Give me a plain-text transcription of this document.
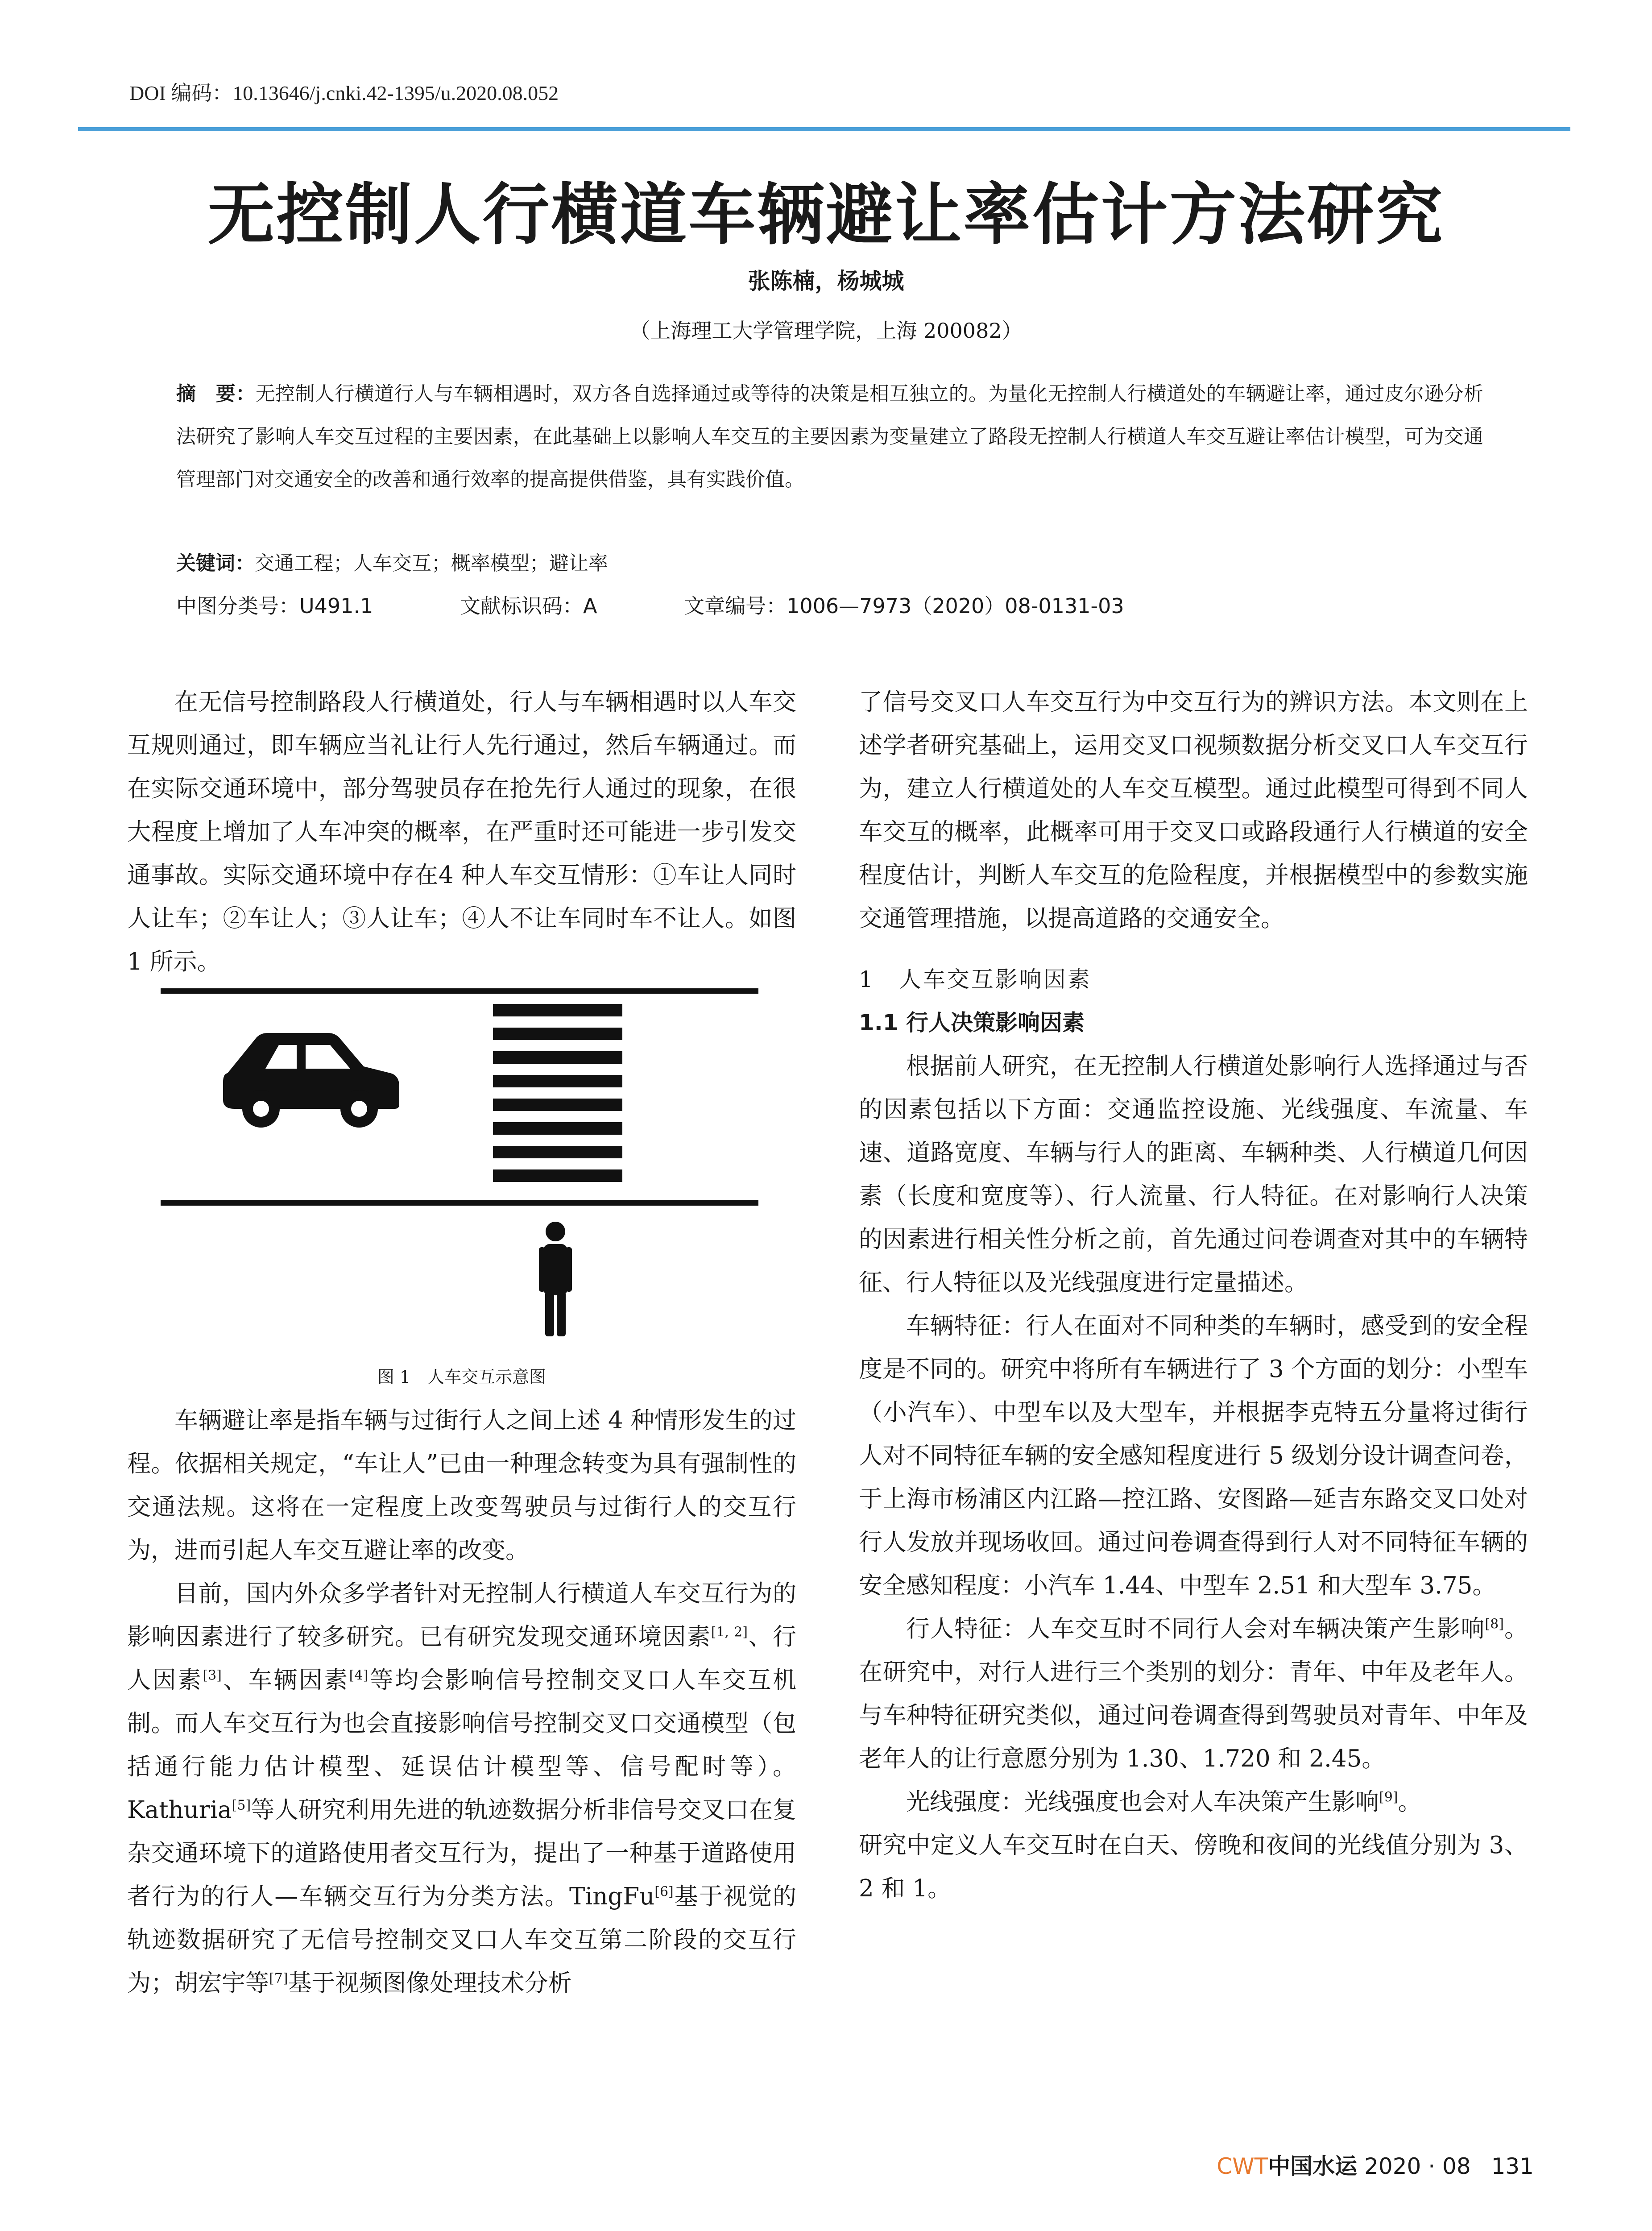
DOI 编码：10.13646/j.cnki.42-1395/u.2020.08.052
无控制人行横道车辆避让率估计方法研究
张陈楠，杨城城
（上海理工大学管理学院，上海 200082）
摘　要：无控制人行横道行人与车辆相遇时，双方各自选择通过或等待的决策是相互独立的。为量化无控制人行横道处的车辆避让率，通过皮尔逊分析法研究了影响人车交互过程的主要因素，在此基础上以影响人车交互的主要因素为变量建立了路段无控制人行横道人车交互避让率估计模型，可为交通管理部门对交通安全的改善和通行效率的提高提供借鉴，具有实践价值。
关键词：交通工程；人车交互；概率模型；避让率
中图分类号：U491.1	文献标识码：A	文章编号：1006—7973（2020）08-0131-03

在无信号控制路段人行横道处，行人与车辆相遇时以人车交互规则通过，即车辆应当礼让行人先行通过，然后车辆通过。而在实际交通环境中，部分驾驶员存在抢先行人通过的现象，在很大程度上增加了人车冲突的概率，在严重时还可能进一步引发交通事故。实际交通环境中存在4 种人车交互情形：①车让人同时人让车；②车让人；③人让车；④人不让车同时车不让人。如图 1 所示。

图 1　人车交互示意图

车辆避让率是指车辆与过街行人之间上述 4 种情形发生的过程。依据相关规定，“车让人”已由一种理念转变为具有强制性的交通法规。这将在一定程度上改变驾驶员与过街行人的交互行为，进而引起人车交互避让率的改变。

目前，国内外众多学者针对无控制人行横道人车交互行为的影响因素进行了较多研究。已有研究发现交通环境因素[1, 2]、行人因素[3]、车辆因素[4]等均会影响信号控制交叉口人车交互机制。而人车交互行为也会直接影响信号控制交叉口交通模型（包括通行能力估计模型、延误估计模型等、信号配时等）。Kathuria[5]等人研究利用先进的轨迹数据分析非信号交叉口在复杂交通环境下的道路使用者交互行为，提出了一种基于道路使用者行为的行人—车辆交互行为分类方法。TingFu[6]基于视觉的轨迹数据研究了无信号控制交叉口人车交互第二阶段的交互行为；胡宏宇等[7]基于视频图像处理技术分析

了信号交叉口人车交互行为中交互行为的辨识方法。本文则在上述学者研究基础上，运用交叉口视频数据分析交叉口人车交互行为，建立人行横道处的人车交互模型。通过此模型可得到不同人车交互的概率，此概率可用于交叉口或路段通行人行横道的安全程度估计，判断人车交互的危险程度，并根据模型中的参数实施交通管理措施，以提高道路的交通安全。

1　人车交互影响因素

1.1 行人决策影响因素

根据前人研究，在无控制人行横道处影响行人选择通过与否的因素包括以下方面：交通监控设施、光线强度、车流量、车速、道路宽度、车辆与行人的距离、车辆种类、人行横道几何因素（长度和宽度等）、行人流量、行人特征。在对影响行人决策的因素进行相关性分析之前，首先通过问卷调查对其中的车辆特征、行人特征以及光线强度进行定量描述。

车辆特征：行人在面对不同种类的车辆时，感受到的安全程度是不同的。研究中将所有车辆进行了 3 个方面的划分：小型车（小汽车）、中型车以及大型车，并根据李克特五分量将过街行人对不同特征车辆的安全感知程度进行 5 级划分设计调查问卷，于上海市杨浦区内江路—控江路、安图路—延吉东路交叉口处对行人发放并现场收回。通过问卷调查得到行人对不同特征车辆的安全感知程度：小汽车 1.44、中型车 2.51 和大型车 3.75。

行人特征：人车交互时不同行人会对车辆决策产生影响[8]。在研究中，对行人进行三个类别的划分：青年、中年及老年人。与车种特征研究类似，通过问卷调查得到驾驶员对青年、中年及老年人的让行意愿分别为 1.30、1.720 和 2.45。

光线强度：光线强度也会对人车决策产生影响[9]。

研究中定义人车交互时在白天、傍晚和夜间的光线值分别为 3、2 和 1。

CWT中国水运 2020 · 08 131
